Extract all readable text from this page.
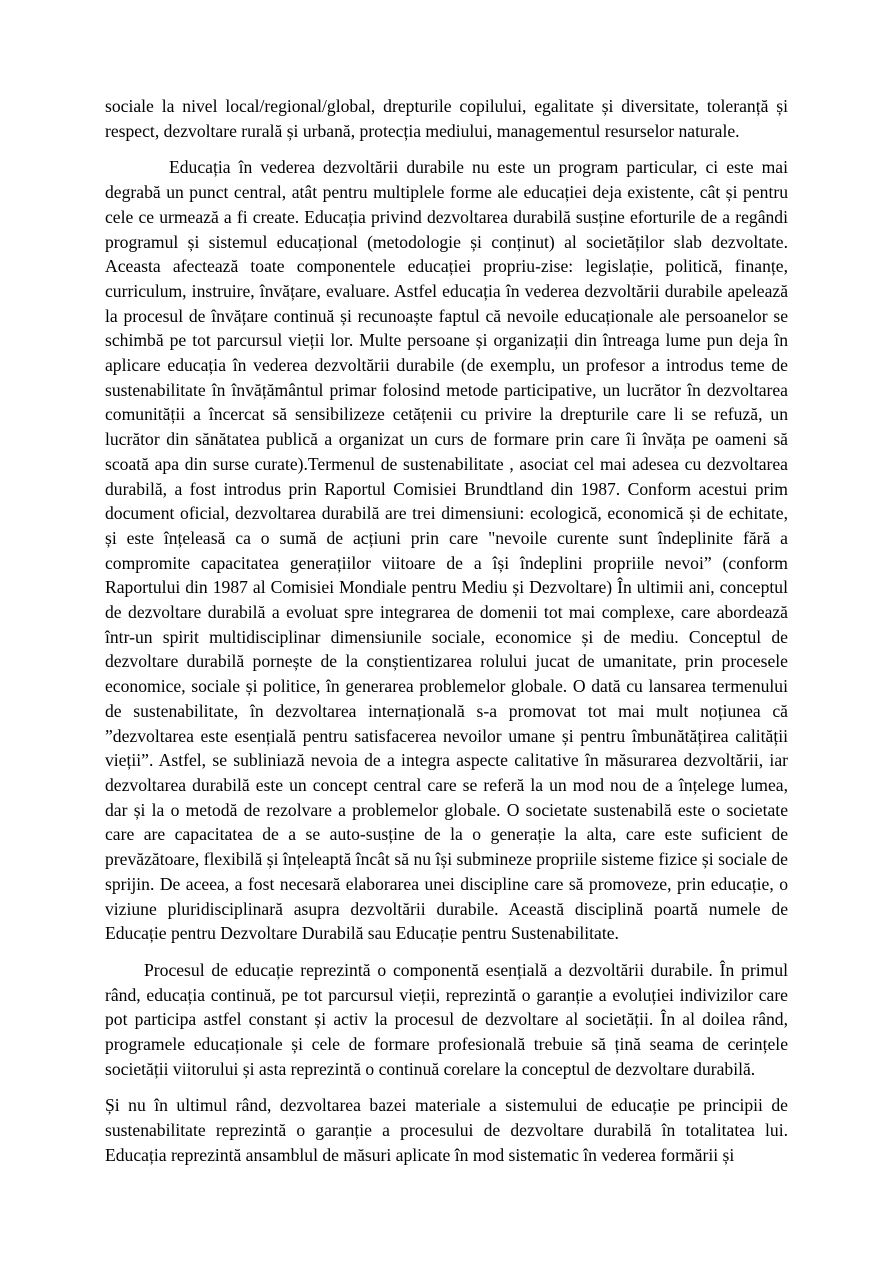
sociale la nivel local/regional/global, drepturile copilului, egalitate și diversitate, toleranță și respect, dezvoltare rurală și urbană, protecția mediului, managementul resurselor naturale.

Educația în vederea dezvoltării durabile nu este un program particular, ci este mai degrabă un punct central, atât pentru multiplele forme ale educației deja existente, cât și pentru cele ce urmează a fi create. Educația privind dezvoltarea durabilă susține eforturile de a regândi programul și sistemul educațional (metodologie și conținut) al societăților slab dezvoltate. Aceasta afectează toate componentele educației propriu-zise: legislație, politică, finanțe, curriculum, instruire, învățare, evaluare. Astfel educația în vederea dezvoltării durabile apelează la procesul de învățare continuă și recunoaște faptul că nevoile educaționale ale persoanelor se schimbă pe tot parcursul vieții lor. Multe persoane și organizații din întreaga lume pun deja în aplicare educația în vederea dezvoltării durabile (de exemplu, un profesor a introdus teme de sustenabilitate în învățământul primar folosind metode participative, un lucrător în dezvoltarea comunității a încercat să sensibilizeze cetățenii cu privire la drepturile care li se refuză, un lucrător din sănătatea publică a organizat un curs de formare prin care îi învăța pe oameni să scoată apa din surse curate).Termenul de sustenabilitate , asociat cel mai adesea cu dezvoltarea durabilă, a fost introdus prin Raportul Comisiei Brundtland din 1987. Conform acestui prim document oficial, dezvoltarea durabilă are trei dimensiuni: ecologică, economică și de echitate, și este înțeleasă ca o sumă de acțiuni prin care "nevoile curente sunt îndeplinite fără a compromite capacitatea generațiilor viitoare de a își îndeplini propriile nevoi” (conform Raportului din 1987 al Comisiei Mondiale pentru Mediu și Dezvoltare) În ultimii ani, conceptul de dezvoltare durabilă a evoluat spre integrarea de domenii tot mai complexe, care abordează într-un spirit multidisciplinar dimensiunile sociale, economice și de mediu. Conceptul de dezvoltare durabilă pornește de la conștientizarea rolului jucat de umanitate, prin procesele economice, sociale și politice, în generarea problemelor globale. O dată cu lansarea termenului de sustenabilitate, în dezvoltarea internațională s-a promovat tot mai mult noțiunea că ”dezvoltarea este esențială pentru satisfacerea nevoilor umane și pentru îmbunătățirea calității vieții”. Astfel, se subliniază nevoia de a integra aspecte calitative în măsurarea dezvoltării, iar dezvoltarea durabilă este un concept central care se referă la un mod nou de a înțelege lumea, dar și la o metodă de rezolvare a problemelor globale. O societate sustenabilă este o societate care are capacitatea de a se auto-susține de la o generație la alta, care este suficient de prevăzătoare, flexibilă și înțeleaptă încât să nu își submineze propriile sisteme fizice și sociale de sprijin. De aceea, a fost necesară elaborarea unei discipline care să promoveze, prin educație, o viziune pluridisciplinară asupra dezvoltării durabile. Această disciplină poartă numele de Educație pentru Dezvoltare Durabilă sau Educație pentru Sustenabilitate.

Procesul de educație reprezintă o componentă esențială a dezvoltării durabile. În primul rând, educația continuă, pe tot parcursul vieții, reprezintă o garanție a evoluției indivizilor care pot participa astfel constant și activ la procesul de dezvoltare al societății. În al doilea rând, programele educaționale și cele de formare profesională trebuie să țină seama de cerințele societății viitorului și asta reprezintă o continuă corelare la conceptul de dezvoltare durabilă.

Și nu în ultimul rând, dezvoltarea bazei materiale a sistemului de educație pe principii de sustenabilitate reprezintă o garanție a procesului de dezvoltare durabilă în totalitatea lui. Educația reprezintă ansamblul de măsuri aplicate în mod sistematic în vederea formării și
